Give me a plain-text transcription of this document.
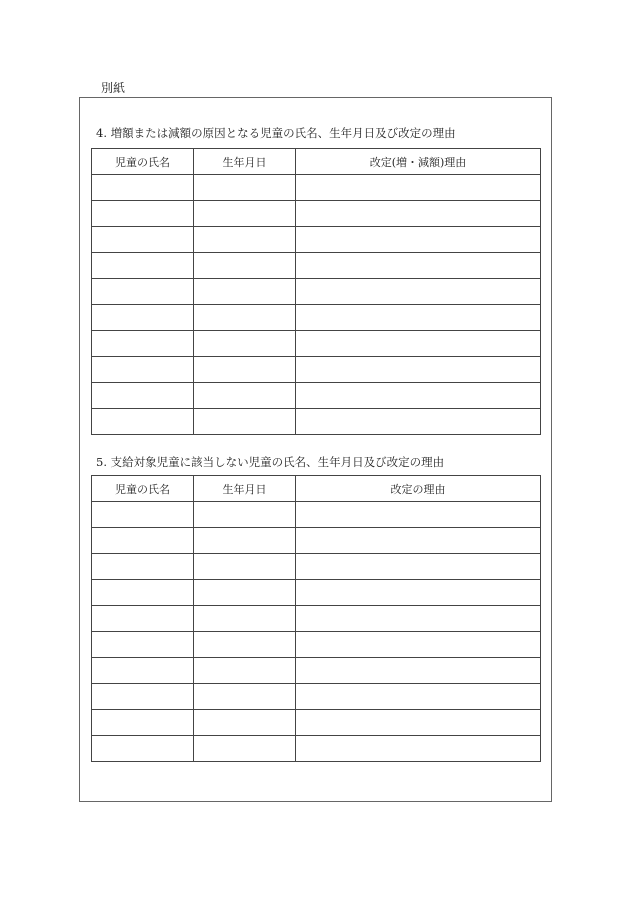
別紙
4. 増額または減額の原因となる児童の氏名、生年月日及び改定の理由
児童の氏名	生年月日	改定(増・減額)理由

5. 支給対象児童に該当しない児童の氏名、生年月日及び改定の理由
児童の氏名	生年月日	改定の理由
